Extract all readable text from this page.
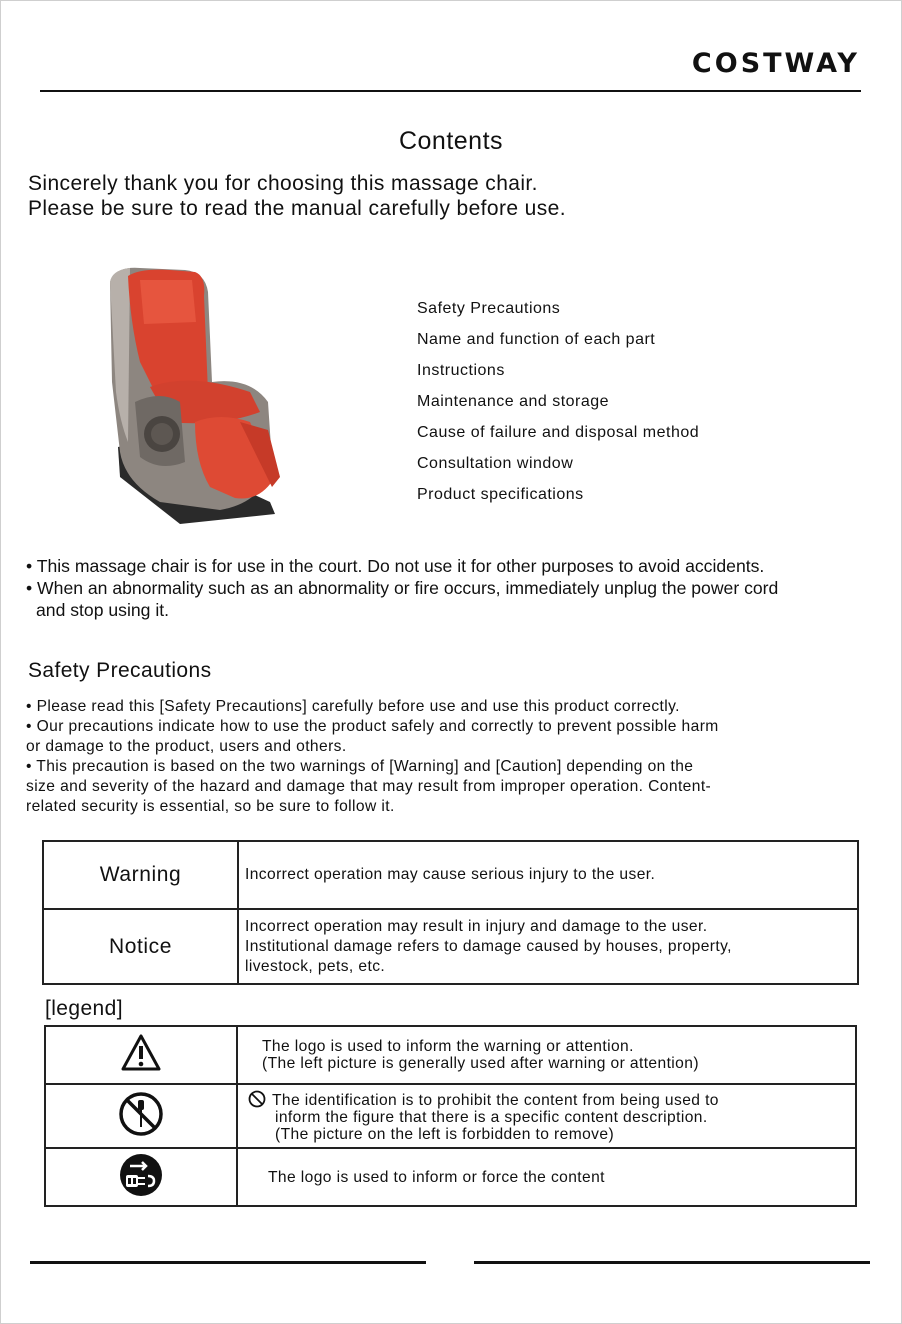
COSTWAY
Contents
Sincerely thank you for choosing this massage chair.
Please be sure to read the manual carefully before use.
Safety Precautions
Name and function of each part
Instructions
Maintenance and storage
Cause of failure and disposal method
Consultation window
Product specifications
• This massage chair is for use in the court. Do not use it for other purposes to avoid accidents.
• When an abnormality such as an abnormality or fire occurs, immediately unplug the power cord
and stop using it.
Safety Precautions
• Please read this [Safety Precautions] carefully before use and use this product correctly.
• Our precautions indicate how to use the product safely and correctly to prevent possible harm
or damage to the product, users and others.
• This precaution is based on the two warnings of [Warning] and [Caution] depending on the
size and severity of the hazard and damage that may result from improper operation. Content-
related security is essential, so be sure to follow it.
Warning	Incorrect operation may cause serious injury to the user.

Notice	Incorrect operation may result in injury and damage to the user.
Institutional damage refers to damage caused by houses, property,
livestock, pets, etc.
[legend]

The logo is used to inform the warning or attention.
(The left picture is generally used after warning or attention)

The identification is to prohibit the content from being used to
inform the figure that there is a specific content description.
(The picture on the left is forbidden to remove)

The logo is used to inform or force the content
